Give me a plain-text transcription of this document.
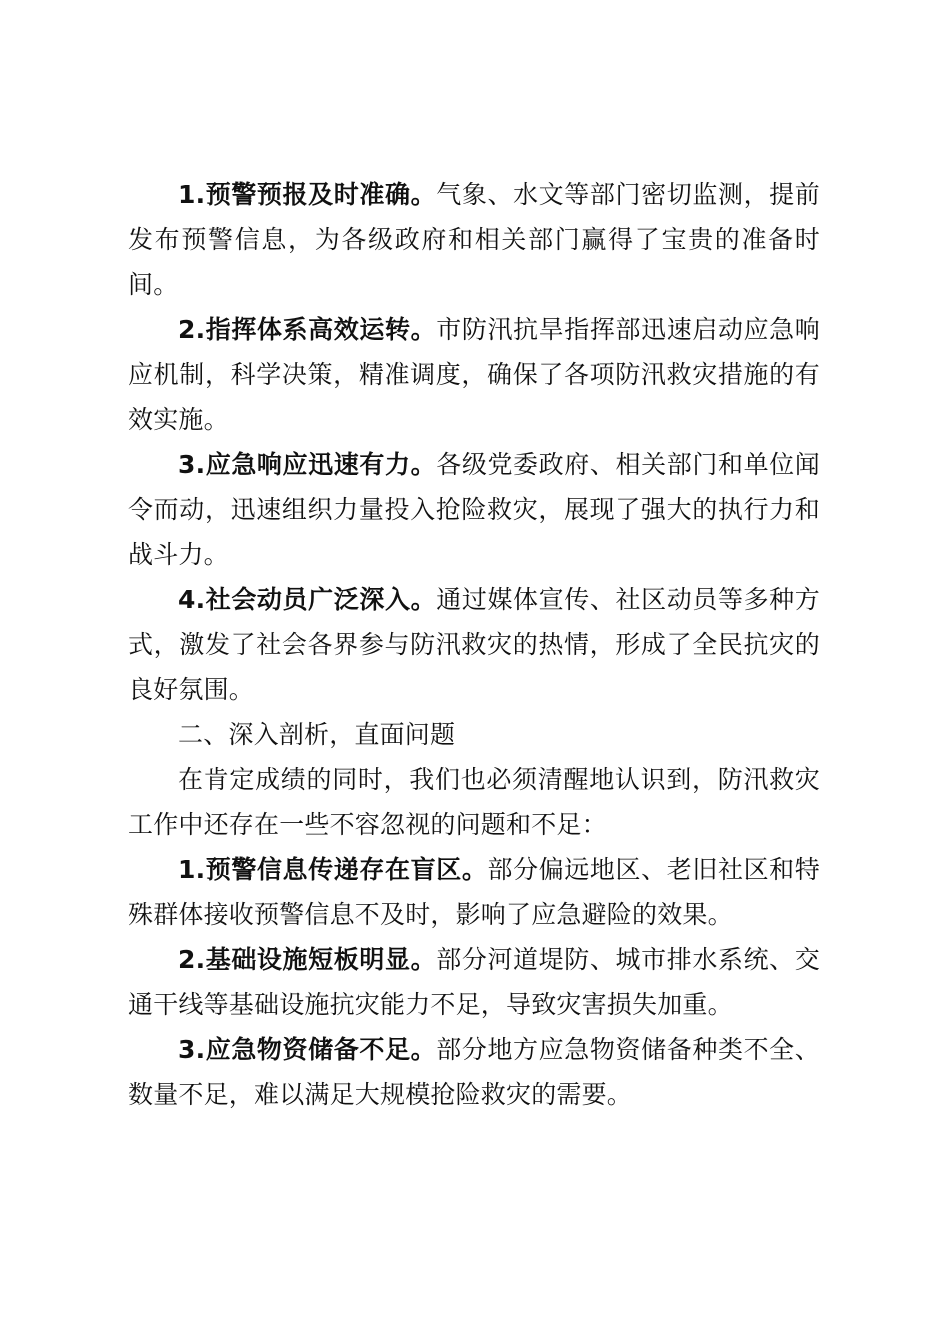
1.预警预报及时准确。气象、水文等部门密切监测，提前发布预警信息，为各级政府和相关部门赢得了宝贵的准备时间。

2.指挥体系高效运转。市防汛抗旱指挥部迅速启动应急响应机制，科学决策，精准调度，确保了各项防汛救灾措施的有效实施。

3.应急响应迅速有力。各级党委政府、相关部门和单位闻令而动，迅速组织力量投入抢险救灾，展现了强大的执行力和战斗力。

4.社会动员广泛深入。通过媒体宣传、社区动员等多种方式，激发了社会各界参与防汛救灾的热情，形成了全民抗灾的良好氛围。

二、深入剖析，直面问题

在肯定成绩的同时，我们也必须清醒地认识到，防汛救灾工作中还存在一些不容忽视的问题和不足：

1.预警信息传递存在盲区。部分偏远地区、老旧社区和特殊群体接收预警信息不及时，影响了应急避险的效果。

2.基础设施短板明显。部分河道堤防、城市排水系统、交通干线等基础设施抗灾能力不足，导致灾害损失加重。

3.应急物资储备不足。部分地方应急物资储备种类不全、数量不足，难以满足大规模抢险救灾的需要。
